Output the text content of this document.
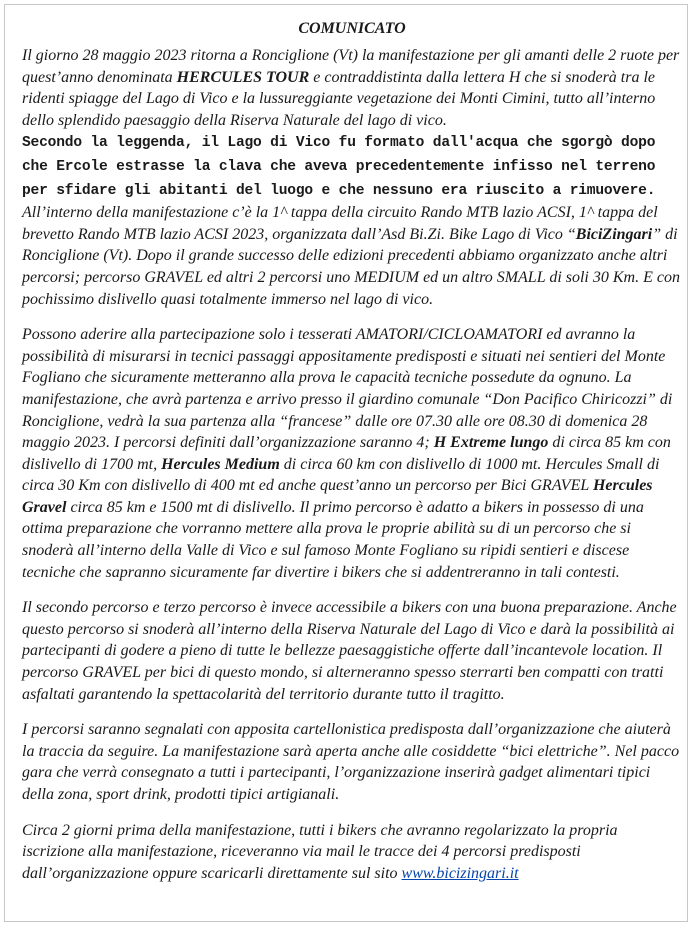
COMUNICATO

Il giorno 28 maggio 2023 ritorna a Ronciglione (Vt) la manifestazione per gli amanti delle 2 ruote per quest’anno denominata HERCULES TOUR e contraddistinta dalla lettera H che si snoderà tra le ridenti spiagge del Lago di Vico e la lussureggiante vegetazione dei Monti Cimini, tutto all’interno dello splendido paesaggio della Riserva Naturale del lago di vico.
Secondo la leggenda, il Lago di Vico fu formato dall'acqua che sgorgò dopo
che Ercole estrasse la clava che aveva precedentemente infisso nel terreno per sfidare gli abitanti del luogo e che nessuno era riuscito a rimuovere. All’interno della manifestazione c’è la 1^ tappa della circuito Rando MTB lazio ACSI, 1^ tappa del brevetto Rando MTB lazio ACSI 2023, organizzata dall’Asd Bi.Zi. Bike Lago di Vico “BiciZingari” di Ronciglione (Vt). Dopo il grande successo delle edizioni precedenti abbiamo organizzato anche altri percorsi; percorso GRAVEL ed altri 2 percorsi uno MEDIUM ed un altro SMALL di soli 30 Km. E con pochissimo dislivello quasi totalmente immerso nel lago di vico.

Possono aderire alla partecipazione solo i tesserati AMATORI/CICLOAMATORI ed avranno la possibilità di misurarsi in tecnici passaggi appositamente predisposti e situati nei sentieri del Monte Fogliano che sicuramente metteranno alla prova le capacità tecniche possedute da ognuno. La manifestazione, che avrà partenza e arrivo presso il giardino comunale “Don Pacifico Chiricozzi” di Ronciglione, vedrà la sua partenza alla “francese” dalle ore 07.30 alle ore 08.30 di domenica 28 maggio 2023. I percorsi definiti dall’organizzazione saranno 4; H Extreme lungo di circa 85 km con dislivello di 1700 mt, Hercules Medium di circa 60 km con dislivello di 1000 mt. Hercules Small di circa 30 Km con dislivello di 400 mt ed anche quest’anno un percorso per Bici GRAVEL Hercules Gravel circa 85 km e 1500 mt di dislivello. Il primo percorso è adatto a bikers in possesso di una ottima preparazione che vorranno mettere alla prova le proprie abilità su di un percorso che si snoderà all’interno della Valle di Vico e sul famoso Monte Fogliano su ripidi sentieri e discese tecniche che sapranno sicuramente far divertire i bikers che si addentreranno in tali contesti.

Il secondo percorso e terzo percorso è invece accessibile a bikers con una buona preparazione. Anche questo percorso si snoderà all’interno della Riserva Naturale del Lago di Vico e darà la possibilità ai partecipanti di godere a pieno di tutte le bellezze paesaggistiche offerte dall’incantevole location. Il percorso GRAVEL per bici di questo mondo, si alterneranno spesso sterrarti ben compatti con tratti asfaltati garantendo la spettacolarità del territorio durante tutto il tragitto.

I percorsi saranno segnalati con apposita cartellonistica predisposta dall’organizzazione che aiuterà la traccia da seguire. La manifestazione sarà aperta anche alle cosiddette “bici elettriche”. Nel pacco gara che verrà consegnato a tutti i partecipanti, l’organizzazione inserirà gadget alimentari tipici della zona, sport drink, prodotti tipici artigianali.

Circa 2 giorni prima della manifestazione, tutti i bikers che avranno regolarizzato la propria iscrizione alla manifestazione, riceveranno via mail le tracce dei 4 percorsi predisposti dall’organizzazione oppure scaricarli direttamente sul sito www.bicizingari.it
